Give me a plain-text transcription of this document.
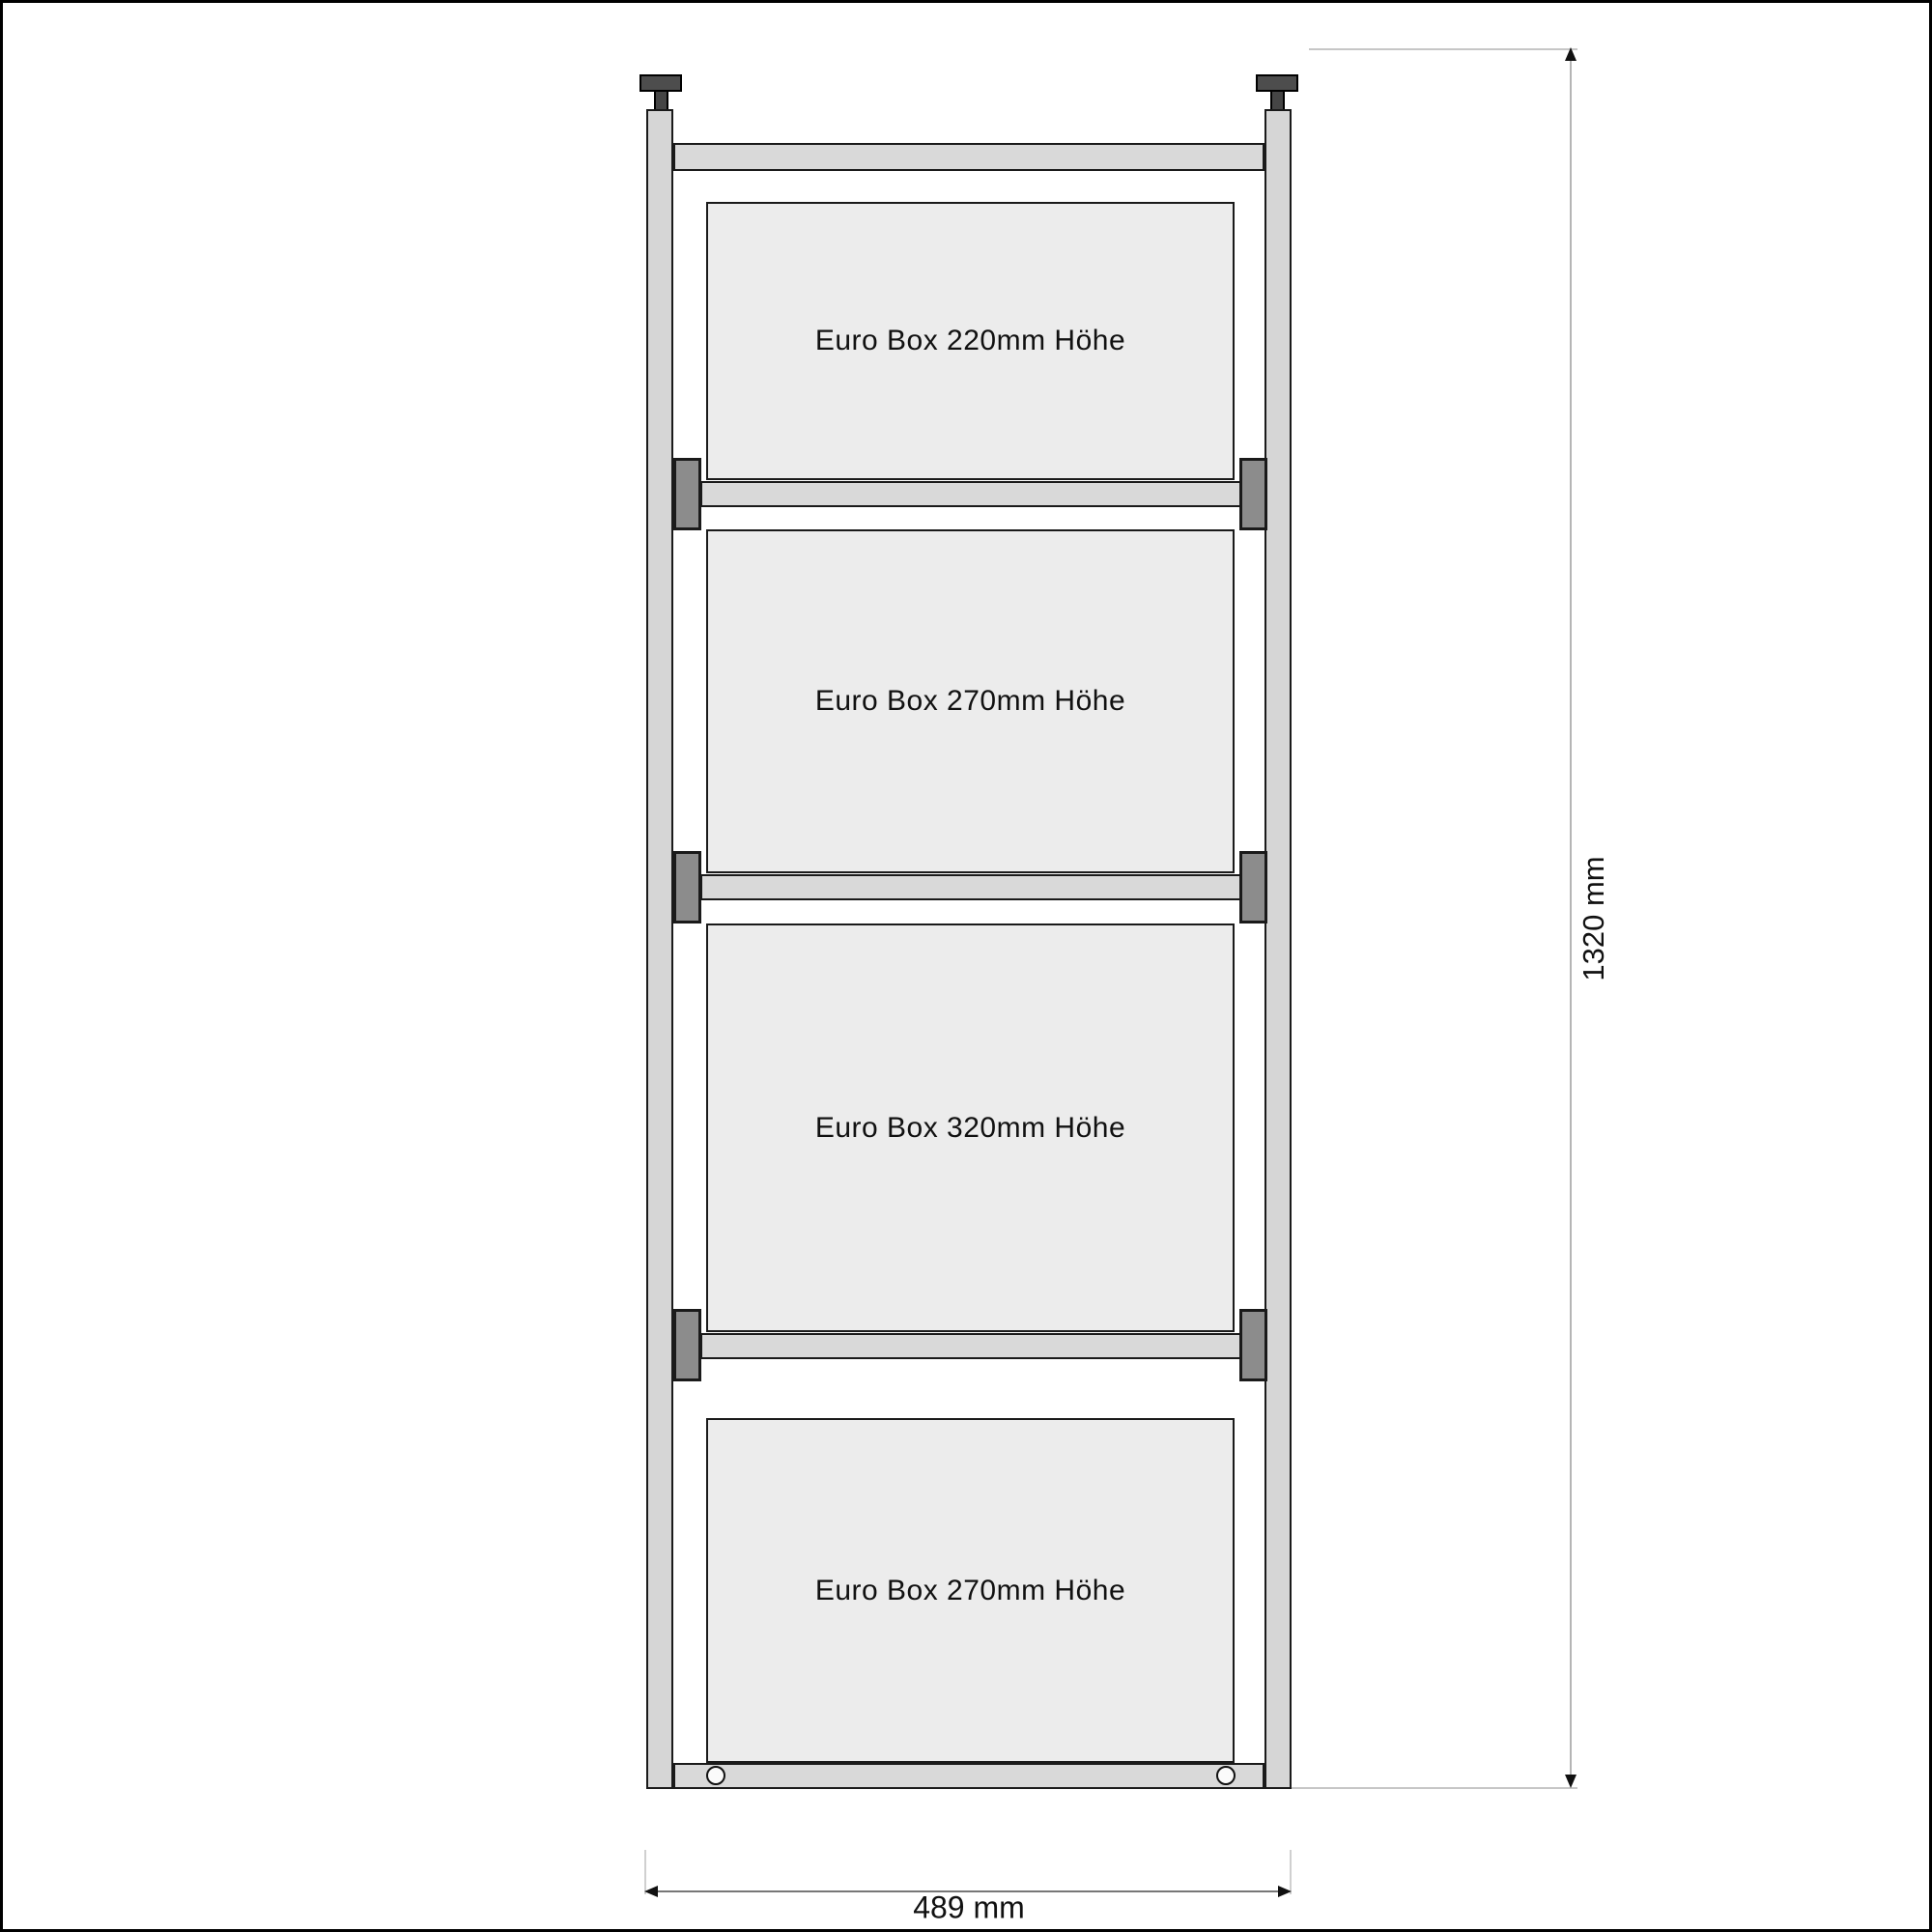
Euro Box 220mm Höhe
Euro Box 270mm Höhe
Euro Box 320mm Höhe
Euro Box 270mm Höhe
1320 mm
489 mm
